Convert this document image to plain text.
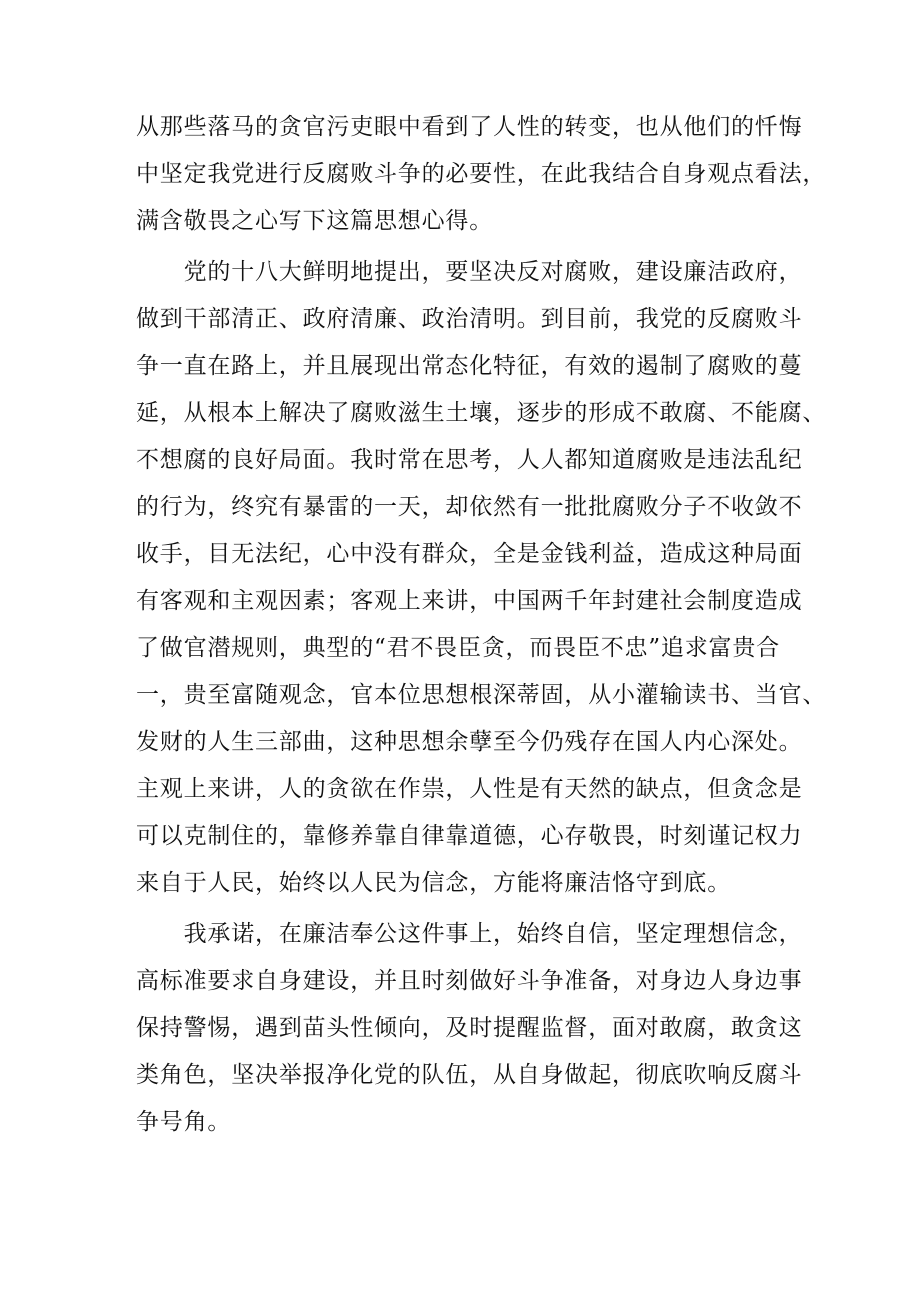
从那些落马的贪官污吏眼中看到了人性的转变，也从他们的忏悔
中坚定我党进行反腐败斗争的必要性，在此我结合自身观点看法，
满含敬畏之心写下这篇思想心得。
　　党的十八大鲜明地提出，要坚决反对腐败，建设廉洁政府，
做到干部清正、政府清廉、政治清明。到目前，我党的反腐败斗
争一直在路上，并且展现出常态化特征，有效的遏制了腐败的蔓
延，从根本上解决了腐败滋生土壤，逐步的形成不敢腐、不能腐、
不想腐的良好局面。我时常在思考，人人都知道腐败是违法乱纪
的行为，终究有暴雷的一天，却依然有一批批腐败分子不收敛不
收手，目无法纪，心中没有群众，全是金钱利益，造成这种局面
有客观和主观因素；客观上来讲，中国两千年封建社会制度造成
了做官潜规则，典型的“君不畏臣贪，而畏臣不忠”追求富贵合
一，贵至富随观念，官本位思想根深蒂固，从小灌输读书、当官、
发财的人生三部曲，这种思想余孽至今仍残存在国人内心深处。
主观上来讲，人的贪欲在作祟，人性是有天然的缺点，但贪念是
可以克制住的，靠修养靠自律靠道德，心存敬畏，时刻谨记权力
来自于人民，始终以人民为信念，方能将廉洁恪守到底。
　　我承诺，在廉洁奉公这件事上，始终自信，坚定理想信念，
高标准要求自身建设，并且时刻做好斗争准备，对身边人身边事
保持警惕，遇到苗头性倾向，及时提醒监督，面对敢腐，敢贪这
类角色，坚决举报净化党的队伍，从自身做起，彻底吹响反腐斗
争号角。
